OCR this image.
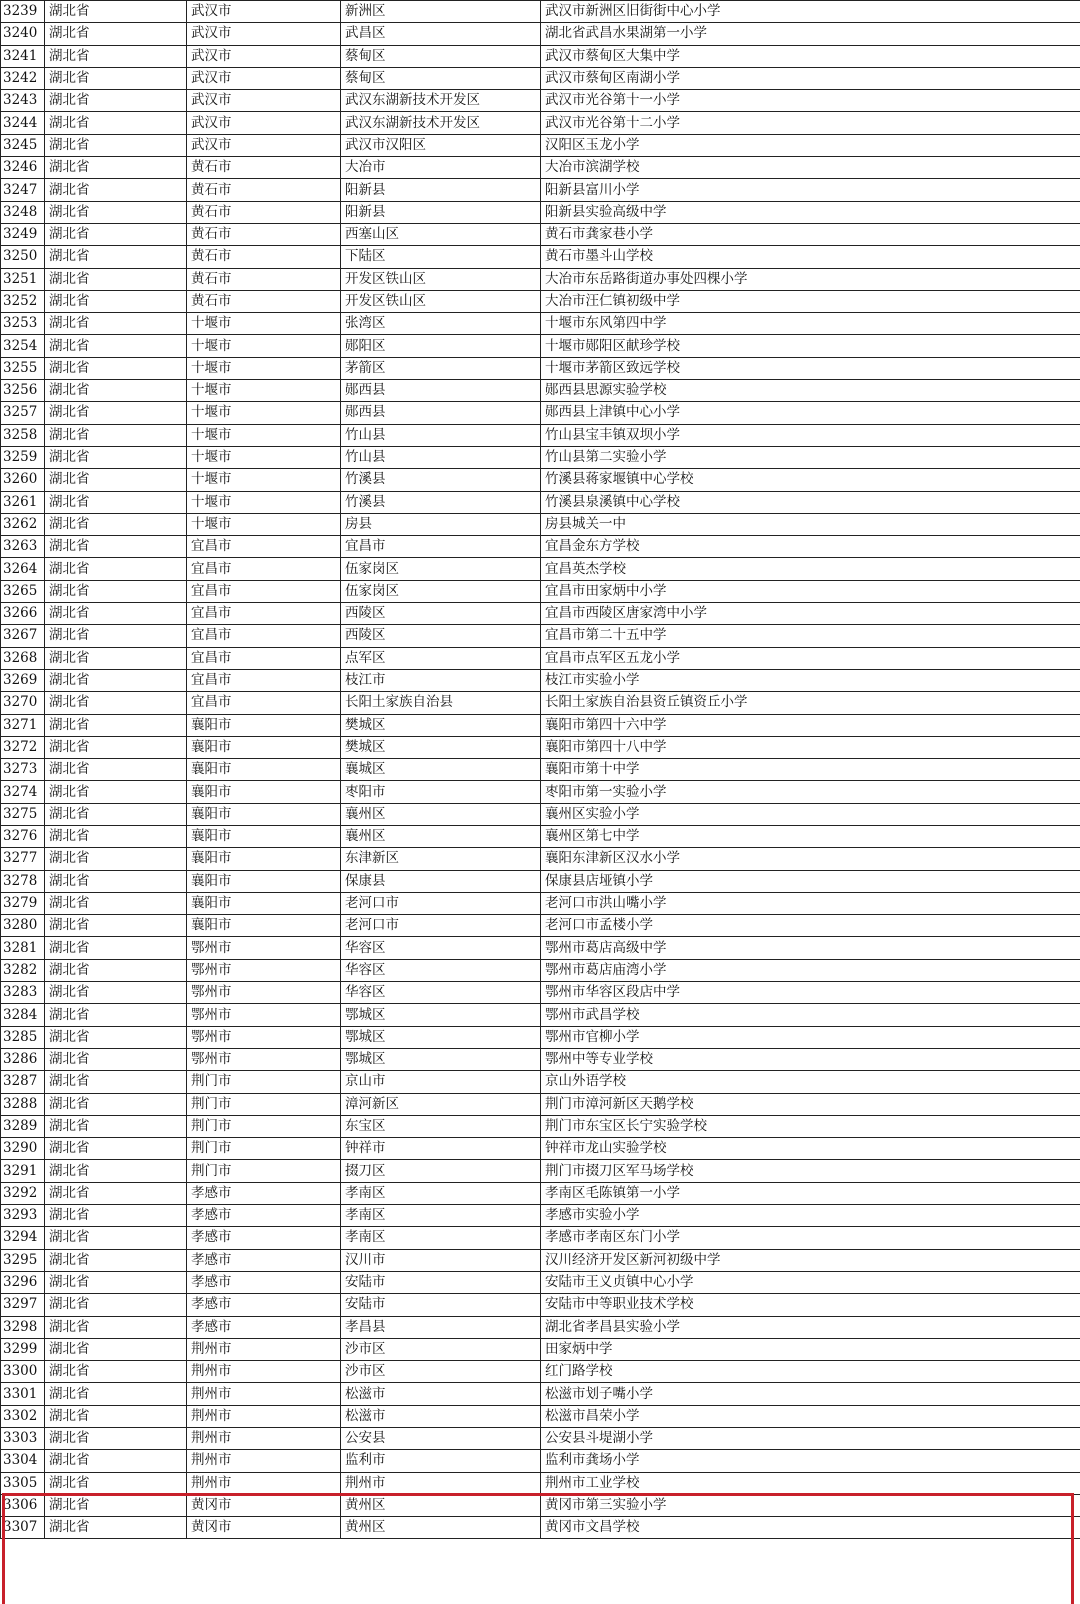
3239	湖北省	武汉市	新洲区	武汉市新洲区旧街街中心小学
3240	湖北省	武汉市	武昌区	湖北省武昌水果湖第一小学
3241	湖北省	武汉市	蔡甸区	武汉市蔡甸区大集中学
3242	湖北省	武汉市	蔡甸区	武汉市蔡甸区南湖小学
3243	湖北省	武汉市	武汉东湖新技术开发区	武汉市光谷第十一小学
3244	湖北省	武汉市	武汉东湖新技术开发区	武汉市光谷第十二小学
3245	湖北省	武汉市	武汉市汉阳区	汉阳区玉龙小学
3246	湖北省	黄石市	大冶市	大冶市滨湖学校
3247	湖北省	黄石市	阳新县	阳新县富川小学
3248	湖北省	黄石市	阳新县	阳新县实验高级中学
3249	湖北省	黄石市	西塞山区	黄石市龚家巷小学
3250	湖北省	黄石市	下陆区	黄石市墨斗山学校
3251	湖北省	黄石市	开发区铁山区	大冶市东岳路街道办事处四棵小学
3252	湖北省	黄石市	开发区铁山区	大冶市汪仁镇初级中学
3253	湖北省	十堰市	张湾区	十堰市东风第四中学
3254	湖北省	十堰市	郧阳区	十堰市郧阳区献珍学校
3255	湖北省	十堰市	茅箭区	十堰市茅箭区致远学校
3256	湖北省	十堰市	郧西县	郧西县思源实验学校
3257	湖北省	十堰市	郧西县	郧西县上津镇中心小学
3258	湖北省	十堰市	竹山县	竹山县宝丰镇双坝小学
3259	湖北省	十堰市	竹山县	竹山县第二实验小学
3260	湖北省	十堰市	竹溪县	竹溪县蒋家堰镇中心学校
3261	湖北省	十堰市	竹溪县	竹溪县泉溪镇中心学校
3262	湖北省	十堰市	房县	房县城关一中
3263	湖北省	宜昌市	宜昌市	宜昌金东方学校
3264	湖北省	宜昌市	伍家岗区	宜昌英杰学校
3265	湖北省	宜昌市	伍家岗区	宜昌市田家炳中小学
3266	湖北省	宜昌市	西陵区	宜昌市西陵区唐家湾中小学
3267	湖北省	宜昌市	西陵区	宜昌市第二十五中学
3268	湖北省	宜昌市	点军区	宜昌市点军区五龙小学
3269	湖北省	宜昌市	枝江市	枝江市实验小学
3270	湖北省	宜昌市	长阳土家族自治县	长阳土家族自治县资丘镇资丘小学
3271	湖北省	襄阳市	樊城区	襄阳市第四十六中学
3272	湖北省	襄阳市	樊城区	襄阳市第四十八中学
3273	湖北省	襄阳市	襄城区	襄阳市第十中学
3274	湖北省	襄阳市	枣阳市	枣阳市第一实验小学
3275	湖北省	襄阳市	襄州区	襄州区实验小学
3276	湖北省	襄阳市	襄州区	襄州区第七中学
3277	湖北省	襄阳市	东津新区	襄阳东津新区汉水小学
3278	湖北省	襄阳市	保康县	保康县店垭镇小学
3279	湖北省	襄阳市	老河口市	老河口市洪山嘴小学
3280	湖北省	襄阳市	老河口市	老河口市孟楼小学
3281	湖北省	鄂州市	华容区	鄂州市葛店高级中学
3282	湖北省	鄂州市	华容区	鄂州市葛店庙湾小学
3283	湖北省	鄂州市	华容区	鄂州市华容区段店中学
3284	湖北省	鄂州市	鄂城区	鄂州市武昌学校
3285	湖北省	鄂州市	鄂城区	鄂州市官柳小学
3286	湖北省	鄂州市	鄂城区	鄂州中等专业学校
3287	湖北省	荆门市	京山市	京山外语学校
3288	湖北省	荆门市	漳河新区	荆门市漳河新区天鹅学校
3289	湖北省	荆门市	东宝区	荆门市东宝区长宁实验学校
3290	湖北省	荆门市	钟祥市	钟祥市龙山实验学校
3291	湖北省	荆门市	掇刀区	荆门市掇刀区军马场学校
3292	湖北省	孝感市	孝南区	孝南区毛陈镇第一小学
3293	湖北省	孝感市	孝南区	孝感市实验小学
3294	湖北省	孝感市	孝南区	孝感市孝南区东门小学
3295	湖北省	孝感市	汉川市	汉川经济开发区新河初级中学
3296	湖北省	孝感市	安陆市	安陆市王义贞镇中心小学
3297	湖北省	孝感市	安陆市	安陆市中等职业技术学校
3298	湖北省	孝感市	孝昌县	湖北省孝昌县实验小学
3299	湖北省	荆州市	沙市区	田家炳中学
3300	湖北省	荆州市	沙市区	红门路学校
3301	湖北省	荆州市	松滋市	松滋市划子嘴小学
3302	湖北省	荆州市	松滋市	松滋市昌荣小学
3303	湖北省	荆州市	公安县	公安县斗堤湖小学
3304	湖北省	荆州市	监利市	监利市龚场小学
3305	湖北省	荆州市	荆州市	荆州市工业学校
3306	湖北省	黄冈市	黄州区	黄冈市第三实验小学
3307	湖北省	黄冈市	黄州区	黄冈市文昌学校
